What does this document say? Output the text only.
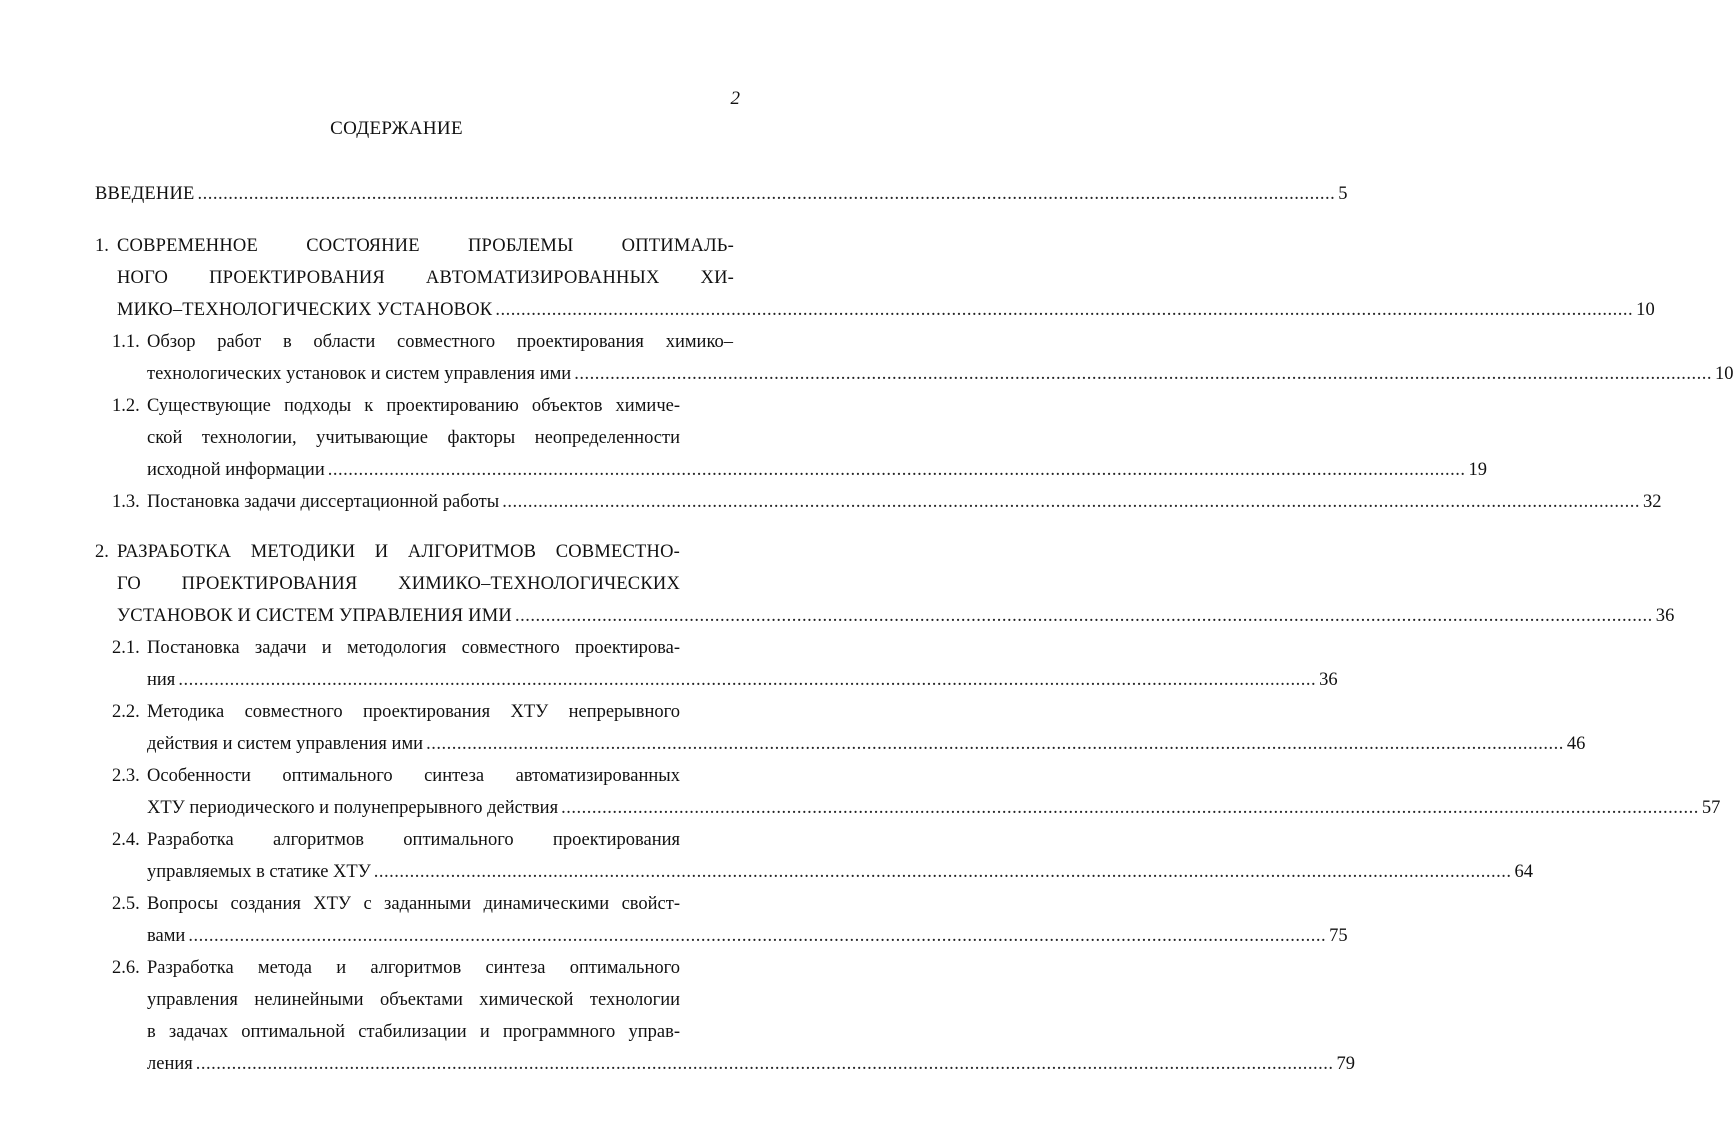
2
СОДЕРЖАНИЕ
ВВЕДЕНИЕ .............................................................................................................................................................................................................................. 5
1. СОВРЕМЕННОЕ СОСТОЯНИЕ ПРОБЛЕМЫ ОПТИМАЛЬ-
НОГО ПРОЕКТИРОВАНИЯ АВТОМАТИЗИРОВАННЫХ ХИ-
МИКО–ТЕХНОЛОГИЧЕСКИХ УСТАНОВОК .............................................................................................................................................................................................................................. 10
1.1. Обзор работ в области совместного проектирования химико–
технологических установок и систем управления ими .............................................................................................................................................................................................................................. 10
1.2. Существующие подходы к проектированию объектов химиче-
ской технологии, учитывающие факторы неопределенности
исходной информации .............................................................................................................................................................................................................................. 19
1.3. Постановка задачи диссертационной работы .............................................................................................................................................................................................................................. 32
2. РАЗРАБОТКА МЕТОДИКИ И АЛГОРИТМОВ СОВМЕСТНО-
ГО ПРОЕКТИРОВАНИЯ ХИМИКО–ТЕХНОЛОГИЧЕСКИХ
УСТАНОВОК И СИСТЕМ УПРАВЛЕНИЯ ИМИ .............................................................................................................................................................................................................................. 36
2.1. Постановка задачи и методология совместного проектирова-
ния .............................................................................................................................................................................................................................. 36
2.2. Методика совместного проектирования ХТУ непрерывного
действия и систем управления ими .............................................................................................................................................................................................................................. 46
2.3. Особенности оптимального синтеза автоматизированных
ХТУ периодического и полунепрерывного действия .............................................................................................................................................................................................................................. 57
2.4. Разработка алгоритмов оптимального проектирования
управляемых в статике ХТУ .............................................................................................................................................................................................................................. 64
2.5. Вопросы создания ХТУ с заданными динамическими свойст-
вами .............................................................................................................................................................................................................................. 75
2.6. Разработка метода и алгоритмов синтеза оптимального
управления нелинейными объектами химической технологии
в задачах оптимальной стабилизации и программного управ-
ления .............................................................................................................................................................................................................................. 79
